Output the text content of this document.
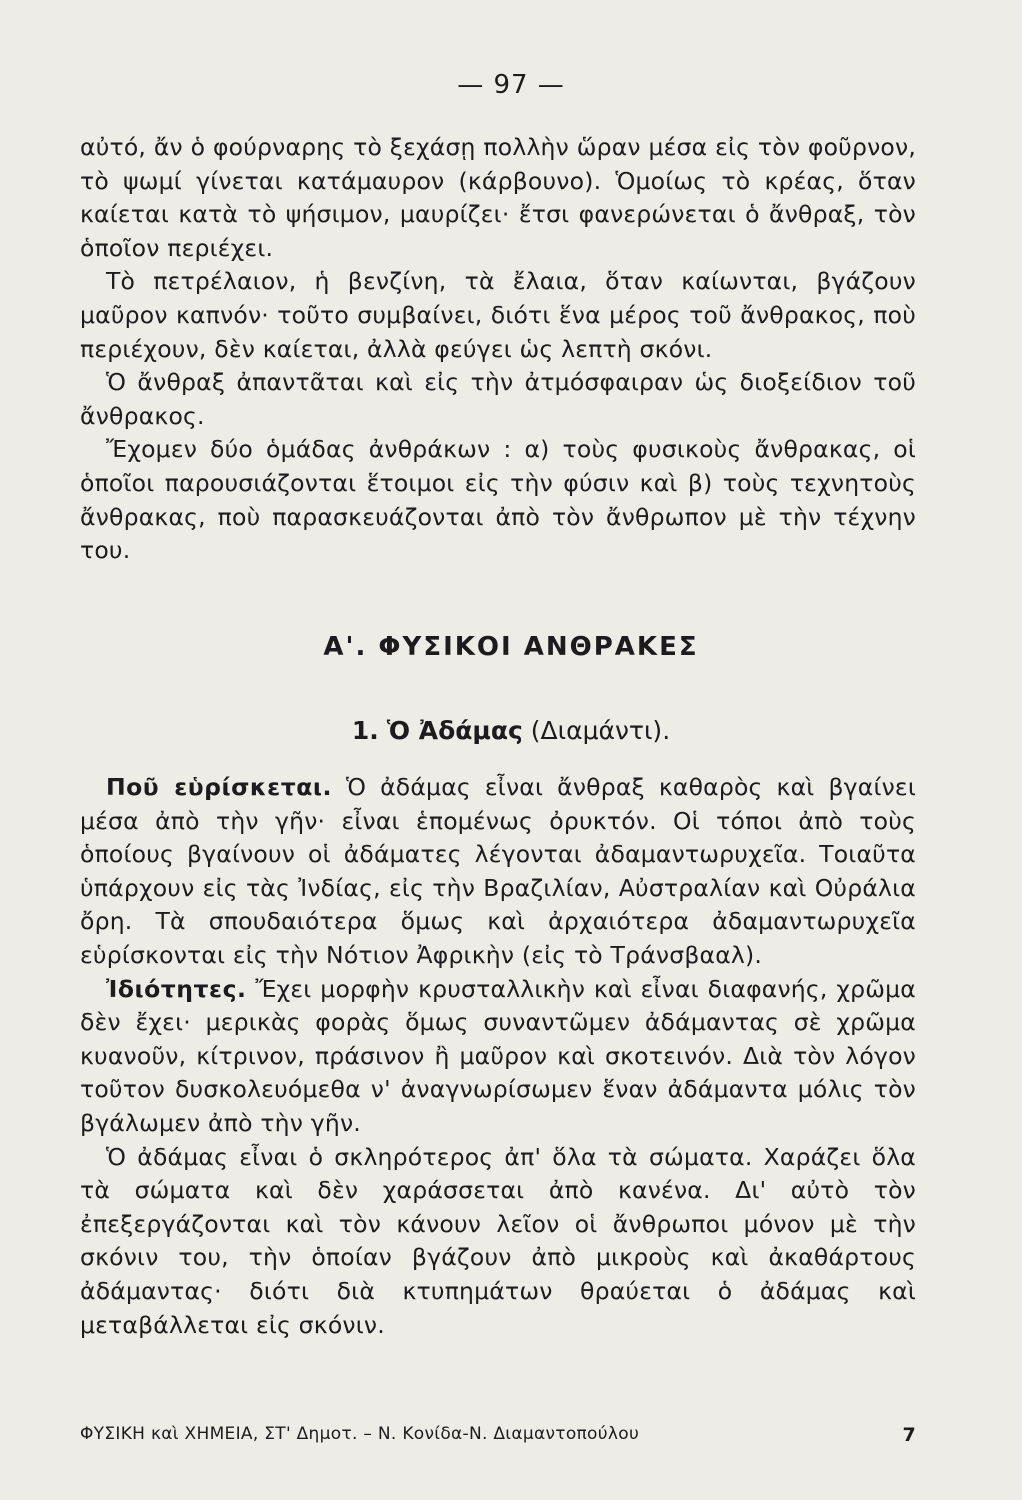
— 97 —

αὐτό, ἄν ὁ φούρναρης τὸ ξεχάσῃ πολλὴν ὥραν μέσα εἰς τὸν φοῦρνον, τὸ ψωμί γίνεται κατάμαυρον (κάρβουνο). Ὁμοίως τὸ κρέας, ὅταν καίεται κατὰ τὸ ψήσιμον, μαυρίζει· ἔτσι φανερώνεται ὁ ἄνθραξ, τὸν ὁποῖον περιέχει.

Τὸ πετρέλαιον, ἡ βενζίνη, τὰ ἔλαια, ὅταν καίωνται, βγάζουν μαῦρον καπνόν· τοῦτο συμβαίνει, διότι ἕνα μέρος τοῦ ἄνθρακος, ποὺ περιέχουν, δὲν καίεται, ἀλλὰ φεύγει ὡς λεπτὴ σκόνι.

Ὁ ἄνθραξ ἀπαντᾶται καὶ εἰς τὴν ἀτμόσφαιραν ὡς διοξείδιον τοῦ ἄνθρακος.

Ἔχομεν δύο ὁμάδας ἀνθράκων : α) τοὺς φυσικοὺς ἄνθρακας, οἱ ὁποῖοι παρουσιάζονται ἕτοιμοι εἰς τὴν φύσιν καὶ β) τοὺς τεχνητοὺς ἄνθρακας, ποὺ παρασκευάζονται ἀπὸ τὸν ἄνθρωπον μὲ τὴν τέχνην του.

Α'. ΦΥΣΙΚΟΙ ΑΝΘΡΑΚΕΣ
1. Ὁ Ἀδάμας (Διαμάντι).

Ποῦ εὑρίσκεται. Ὁ ἀδάμας εἶναι ἄνθραξ καθαρὸς καὶ βγαίνει μέσα ἀπὸ τὴν γῆν· εἶναι ἑπομένως ὀρυκτόν. Οἱ τόποι ἀπὸ τοὺς ὁποίους βγαίνουν οἱ ἀδάματες λέγονται ἀδαμαντωρυχεῖα. Τοιαῦτα ὑπάρχουν εἰς τὰς Ἰνδίας, εἰς τὴν Βραζιλίαν, Αὐστραλίαν καὶ Οὐράλια ὄρη. Τὰ σπουδαιότερα ὅμως καὶ ἀρχαιότερα ἀδαμαντωρυχεῖα εὑρίσκονται εἰς τὴν Νότιον Ἀφρικὴν (εἰς τὸ Τράνσβααλ).

Ἰδιότητες. Ἔχει μορφὴν κρυσταλλικὴν καὶ εἶναι διαφανής, χρῶμα δὲν ἔχει· μερικὰς φορὰς ὅμως συναντῶμεν ἀδάμαντας σὲ χρῶμα κυανοῦν, κίτρινον, πράσινον ἢ μαῦρον καὶ σκοτεινόν. Διὰ τὸν λόγον τοῦτον δυσκολευόμεθα ν' ἀναγνωρίσωμεν ἕναν ἀδάμαντα μόλις τὸν βγάλωμεν ἀπὸ τὴν γῆν.

Ὁ ἀδάμας εἶναι ὁ σκληρότερος ἀπ' ὅλα τὰ σώματα. Χαράζει ὅλα τὰ σώματα καὶ δὲν χαράσσεται ἀπὸ κανένα. Δι' αὐτὸ τὸν ἐπεξεργάζονται καὶ τὸν κάνουν λεῖον οἱ ἄνθρωποι μόνον μὲ τὴν σκόνιν του, τὴν ὁποίαν βγάζουν ἀπὸ μικροὺς καὶ ἀκαθάρτους ἀδάμαντας· διότι διὰ κτυπημάτων θραύεται ὁ ἀδάμας καὶ μεταβάλλεται εἰς σκόνιν.

ΦΥΣΙΚΗ καὶ ΧΗΜΕΙΑ, ΣΤ' Δημοτ. – Ν. Κονίδα-Ν. Διαμαντοπούλου	7
